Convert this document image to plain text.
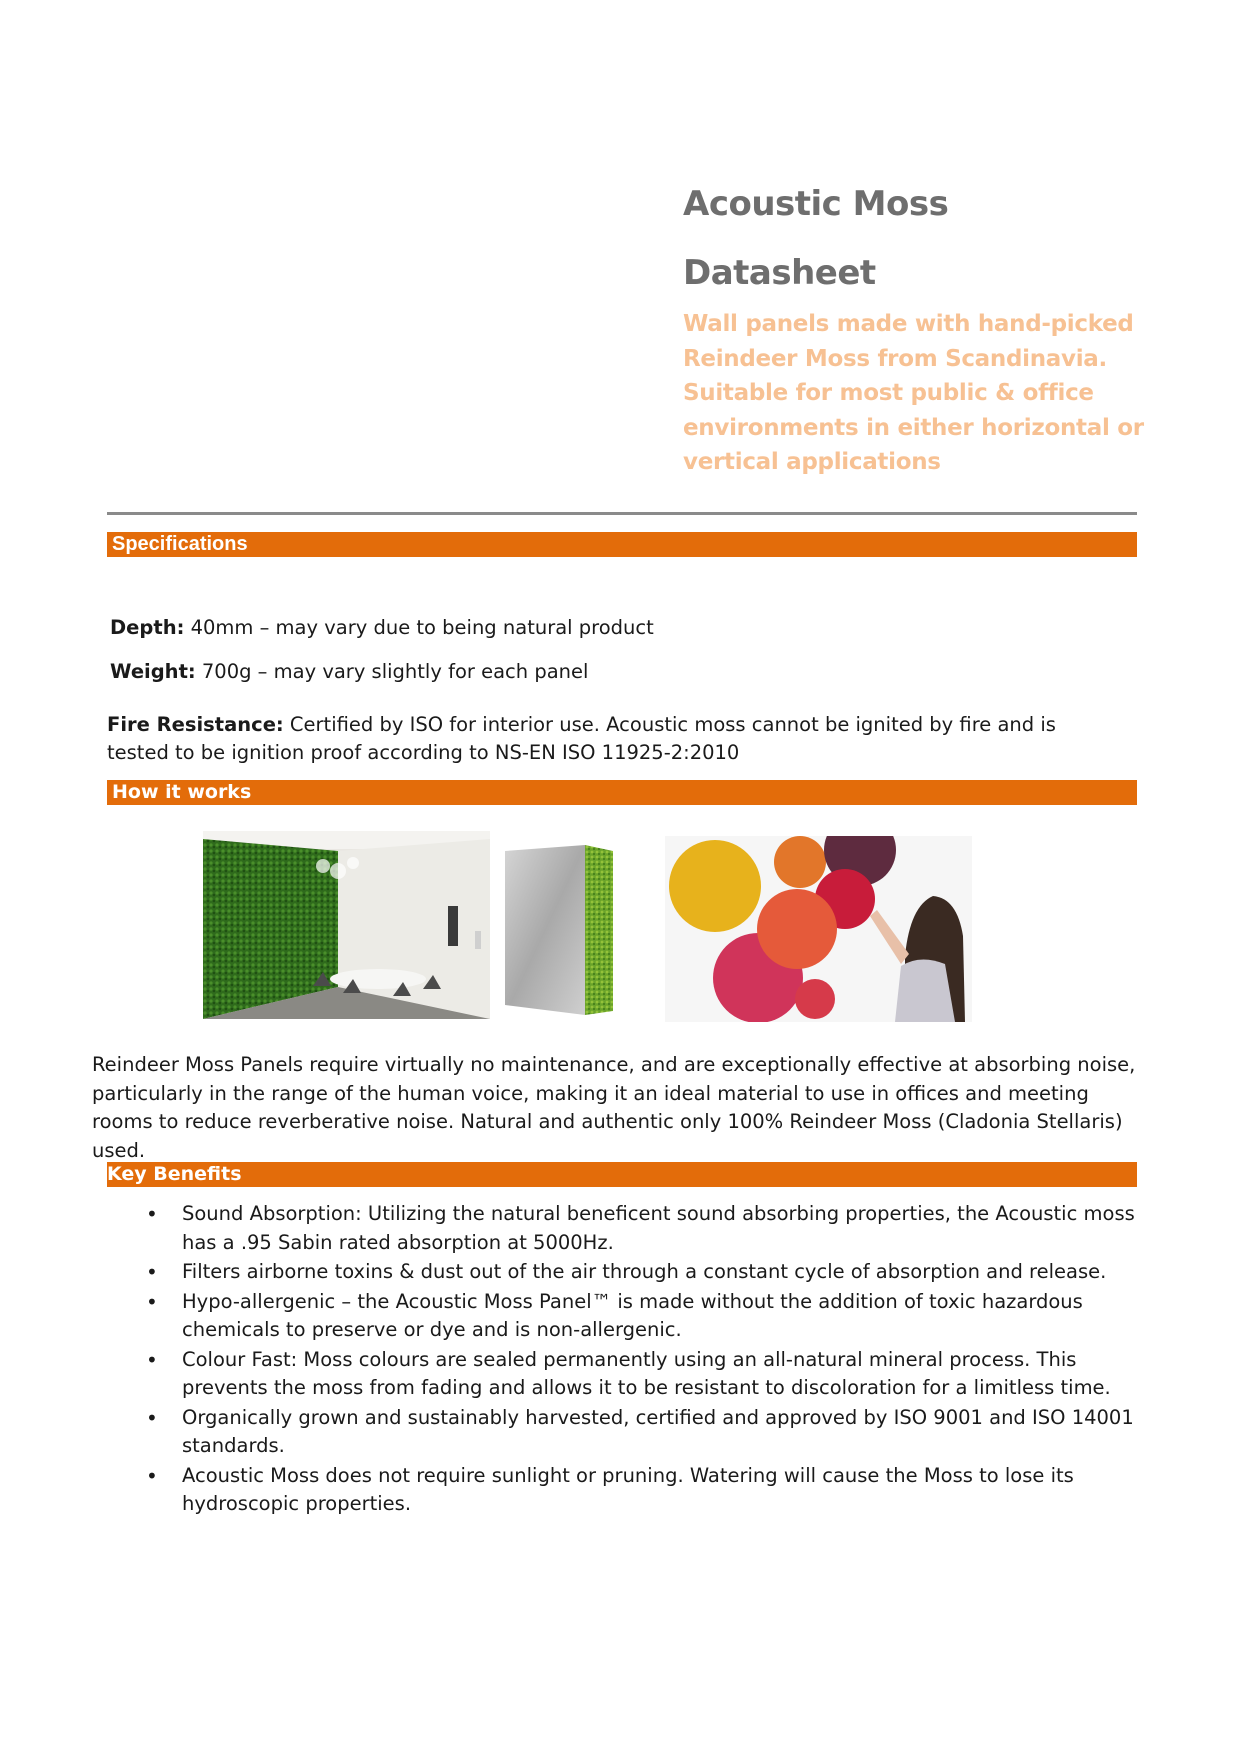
Acoustic Moss
Datasheet
Wall panels made with hand-picked Reindeer Moss from Scandinavia. Suitable for most public & office environments in either horizontal or vertical applications
Specifications
Depth: 40mm – may vary due to being natural product
Weight: 700g – may vary slightly for each panel
Fire Resistance: Certified by ISO for interior use. Acoustic moss cannot be ignited by fire and is tested to be ignition proof according to NS-EN ISO 11925-2:2010
How it works
Reindeer Moss Panels require virtually no maintenance, and are exceptionally effective at absorbing noise, particularly in the range of the human voice, making it an ideal material to use in offices and meeting rooms to reduce reverberative noise. Natural and authentic only 100% Reindeer Moss (Cladonia Stellaris) used.
Key Benefits
• Sound Absorption: Utilizing the natural beneficent sound absorbing properties, the Acoustic moss has a .95 Sabin rated absorption at 5000Hz.
• Filters airborne toxins & dust out of the air through a constant cycle of absorption and release.
• Hypo-allergenic – the Acoustic Moss Panel™ is made without the addition of toxic hazardous chemicals to preserve or dye and is non-allergenic.
• Colour Fast: Moss colours are sealed permanently using an all-natural mineral process. This prevents the moss from fading and allows it to be resistant to discoloration for a limitless time.
• Organically grown and sustainably harvested, certified and approved by ISO 9001 and ISO 14001 standards.
• Acoustic Moss does not require sunlight or pruning. Watering will cause the Moss to lose its hydroscopic properties.
